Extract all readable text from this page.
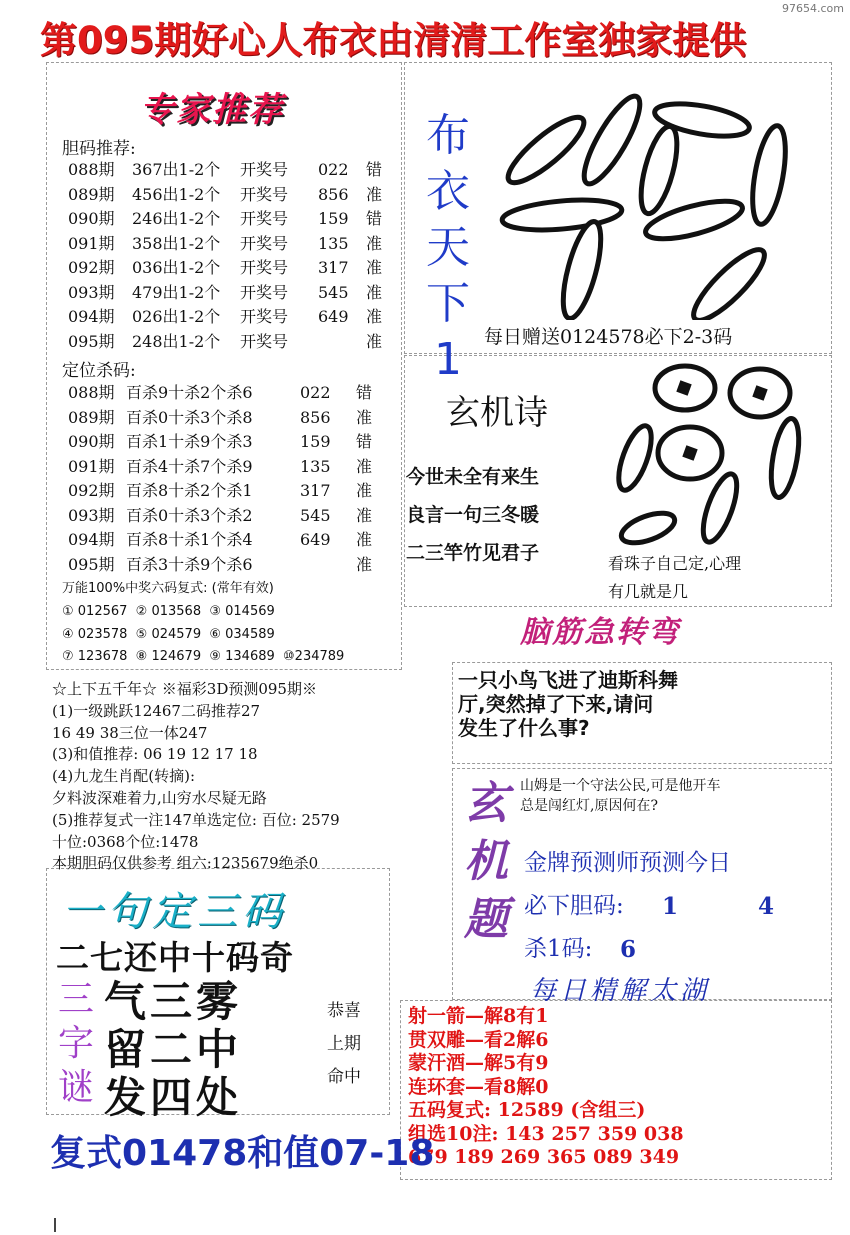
97654.com
第095期好心人布衣由清清工作室独家提供
专家推荐
胆码推荐:
088期 367出1-2个 开奖号 022 错
089期 456出1-2个 开奖号 856 准
090期 246出1-2个 开奖号 159 错
091期 358出1-2个 开奖号 135 准
092期 036出1-2个 开奖号 317 准
093期 479出1-2个 开奖号 545 准
094期 026出1-2个 开奖号 649 准
095期 248出1-2个 开奖号	准
定位杀码:
088期 百杀9十杀2个杀6	022 错
089期 百杀0十杀3个杀8	856 准
090期 百杀1十杀9个杀3	159 错
091期 百杀4十杀7个杀9	135 准
092期 百杀8十杀2个杀1	317 准
093期 百杀0十杀3个杀2	545 准
094期 百杀8十杀1个杀4	649 准
095期 百杀3十杀9个杀6	准
万能100%中奖六码复式: (常年有效)
① 012567  ② 013568  ③ 014569
④ 023578  ⑤ 024579  ⑥ 034589
⑦ 123678  ⑧ 124679  ⑨ 134689  ⑩234789
☆上下五千年☆ ※福彩3D预测095期※
(1)一级跳跃12467二码推荐27
16 49 38三位一体247
(3)和值推荐: 06 19 12 17 18
(4)九龙生肖配(转摘):
夕料波深难着力,山穷水尽疑无路
(5)推荐复式一注147单选定位: 百位: 2579
十位:0368个位:1478
本期胆码仅供参考 组六:1235679绝杀0
布
衣
天
下
1	每日赠送0124578必下2-3码
玄机诗
今世未全有来生
良言一句三冬暖
二三竿竹见君子	看珠子自己定,心理
有几就是几
脑筋急转弯
一只小鸟飞进了迪斯科舞
厅,突然掉了下来,请问
发生了什么事?
玄
机
题
山姆是一个守法公民,可是他开车
总是闯红灯,原因何在?
金牌预测师预测今日
必下胆码: 1	4
杀1码: 6
每日精解太湖
射一箭—解8有1
贯双雕—看2解6
蒙汗酒—解5有9
连环套—看8解0
五码复式: 12589 (含组三)
组选10注: 143 257 359 038
679 189 269 365 089 349
一句定三码
二七还中十码奇
三
字
谜
气三雾
留二中
发四处
恭喜
上期
命中
复式01478和值07-18
